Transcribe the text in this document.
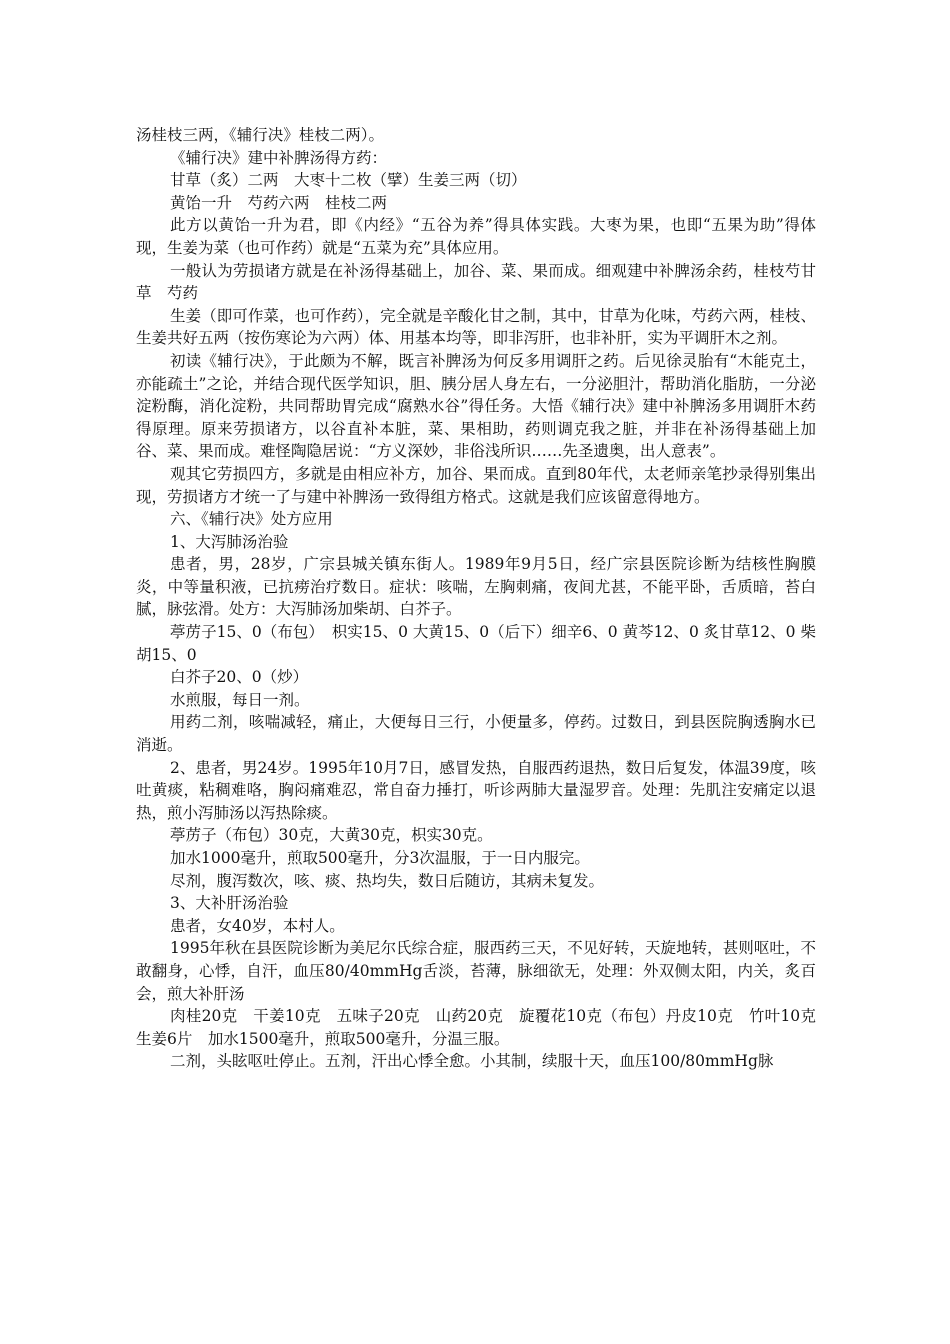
汤桂枝三两，《辅行决》桂枝二两）。

《辅行决》建中补脾汤得方药：

甘草（炙）二两　大枣十二枚（擘）生姜三两（切）

黄饴一升　芍药六两　桂枝二两

此方以黄饴一升为君，即《内经》“五谷为养”得具体实践。大枣为果，也即“五果为助”得体现，生姜为菜（也可作药）就是“五菜为充”具体应用。

一般认为劳损诸方就是在补汤得基础上，加谷、菜、果而成。细观建中补脾汤余药，桂枝芍甘草　芍药

生姜（即可作菜，也可作药），完全就是辛酸化甘之制，其中，甘草为化味，芍药六两，桂枝、生姜共好五两（按伤寒论为六两）体、用基本均等，即非泻肝，也非补肝，实为平调肝木之剂。

初读《辅行决》，于此颇为不解，既言补脾汤为何反多用调肝之药。后见徐灵胎有“木能克土，亦能疏土”之论，并结合现代医学知识，胆、胰分居人身左右，一分泌胆汁，帮助消化脂肪，一分泌淀粉酶，消化淀粉，共同帮助胃完成“腐熟水谷”得任务。大悟《辅行决》建中补脾汤多用调肝木药得原理。原来劳损诸方，以谷直补本脏，菜、果相助，药则调克我之脏，并非在补汤得基础上加谷、菜、果而成。难怪陶隐居说：“方义深妙，非俗浅所识……先圣遗奥，出人意表”。

观其它劳损四方，多就是由相应补方，加谷、果而成。直到80年代，太老师亲笔抄录得别集出现，劳损诸方才统一了与建中补脾汤一致得组方格式。这就是我们应该留意得地方。

六、《辅行决》处方应用

1、大泻肺汤治验

患者，男，28岁，广宗县城关镇东街人。1989年9月5日，经广宗县医院诊断为结核性胸膜炎，中等量积液，已抗痨治疗数日。症状：咳喘，左胸刺痛，夜间尤甚，不能平卧，舌质暗，苔白腻，脉弦滑。处方：大泻肺汤加柴胡、白芥子。

葶苈子15、0（布包）　枳实15、0 大黄15、0（后下）细辛6、0 黄芩12、0 炙甘草12、0 柴胡15、0

白芥子20、0（炒）

水煎服，每日一剂。

用药二剂，咳喘减轻，痛止，大便每日三行，小便量多，停药。过数日，到县医院胸透胸水已消逝。

2、患者，男24岁。1995年10月7日，感冒发热，自服西药退热，数日后复发，体温39度，咳吐黄痰，粘稠难咯，胸闷痛难忍，常自奋力捶打，听诊两肺大量湿罗音。处理：先肌注安痛定以退热，煎小泻肺汤以泻热除痰。

葶苈子（布包）30克，大黄30克，枳实30克。

加水1000毫升，煎取500毫升，分3次温服，于一日内服完。

尽剂，腹泻数次，咳、痰、热均失，数日后随访，其病未复发。

3、大补肝汤治验

患者，女40岁，本村人。

1995年秋在县医院诊断为美尼尔氏综合症，服西药三天，不见好转，天旋地转，甚则呕吐，不敢翻身，心悸，自汗，血压80/40mmHg舌淡，苔薄，脉细欲无，处理：外双侧太阳，内关，炙百会，煎大补肝汤

肉桂20克　干姜10克　五味子20克　山药20克　旋覆花10克（布包）丹皮10克　竹叶10克　生姜6片　加水1500毫升，煎取500毫升，分温三服。

二剂，头眩呕吐停止。五剂，汗出心悸全愈。小其制，续服十天，血压100/80mmHg脉
